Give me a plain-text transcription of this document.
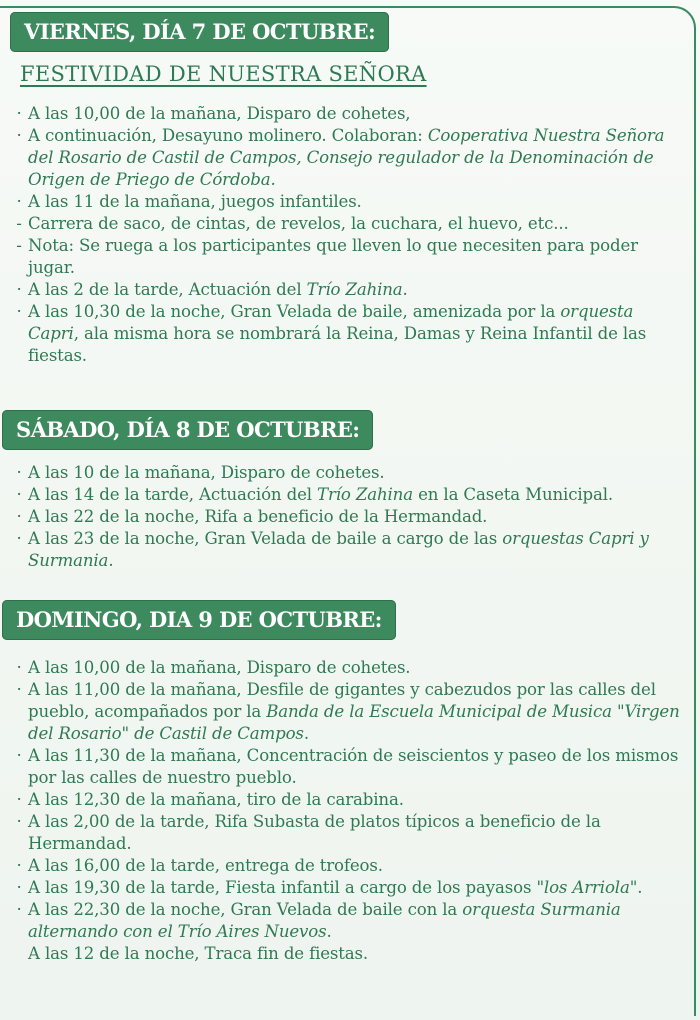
VIERNES, DÍA 7 DE OCTUBRE:
FESTIVIDAD DE NUESTRA SEÑORA
· A las 10,00 de la mañana, Disparo de cohetes,
· A continuación, Desayuno molinero. Colaboran: Cooperativa Nuestra Señora del Rosario de Castil de Campos, Consejo regulador de la Denominación de Origen de Priego de Córdoba.
· A las 11 de la mañana, juegos infantiles.
- Carrera de saco, de cintas, de revelos, la cuchara, el huevo, etc...
- Nota: Se ruega a los participantes que lleven lo que necesiten para poder jugar.
· A las 2 de la tarde, Actuación del Trío Zahina.
· A las 10,30 de la noche, Gran Velada de baile, amenizada por la orquesta Capri, ala misma hora se nombrará la Reina, Damas y Reina Infantil de las fiestas.
SÁBADO, DÍA 8 DE OCTUBRE:
· A las 10 de la mañana, Disparo de cohetes.
· A las 14 de la tarde, Actuación del Trío Zahina en la Caseta Municipal.
· A las 22 de la noche, Rifa a beneficio de la Hermandad.
· A las 23 de la noche, Gran Velada de baile a cargo de las orquestas Capri y Surmania.
DOMINGO, DIA 9 DE OCTUBRE:
· A las 10,00 de la mañana, Disparo de cohetes.
· A las 11,00 de la mañana, Desfile de gigantes y cabezudos por las calles del pueblo, acompañados por la Banda de la Escuela Municipal de Musica "Virgen del Rosario" de Castil de Campos.
· A las 11,30 de la mañana, Concentración de seiscientos y paseo de los mismos por las calles de nuestro pueblo.
· A las 12,30 de la mañana, tiro de la carabina.
· A las 2,00 de la tarde, Rifa Subasta de platos típicos a beneficio de la Hermandad.
· A las 16,00 de la tarde, entrega de trofeos.
· A las 19,30 de la tarde, Fiesta infantil a cargo de los payasos "los Arriola".
· A las 22,30 de la noche, Gran Velada de baile con la orquesta Surmania alternando con el Trío Aires Nuevos.
A las 12 de la noche, Traca fin de fiestas.
